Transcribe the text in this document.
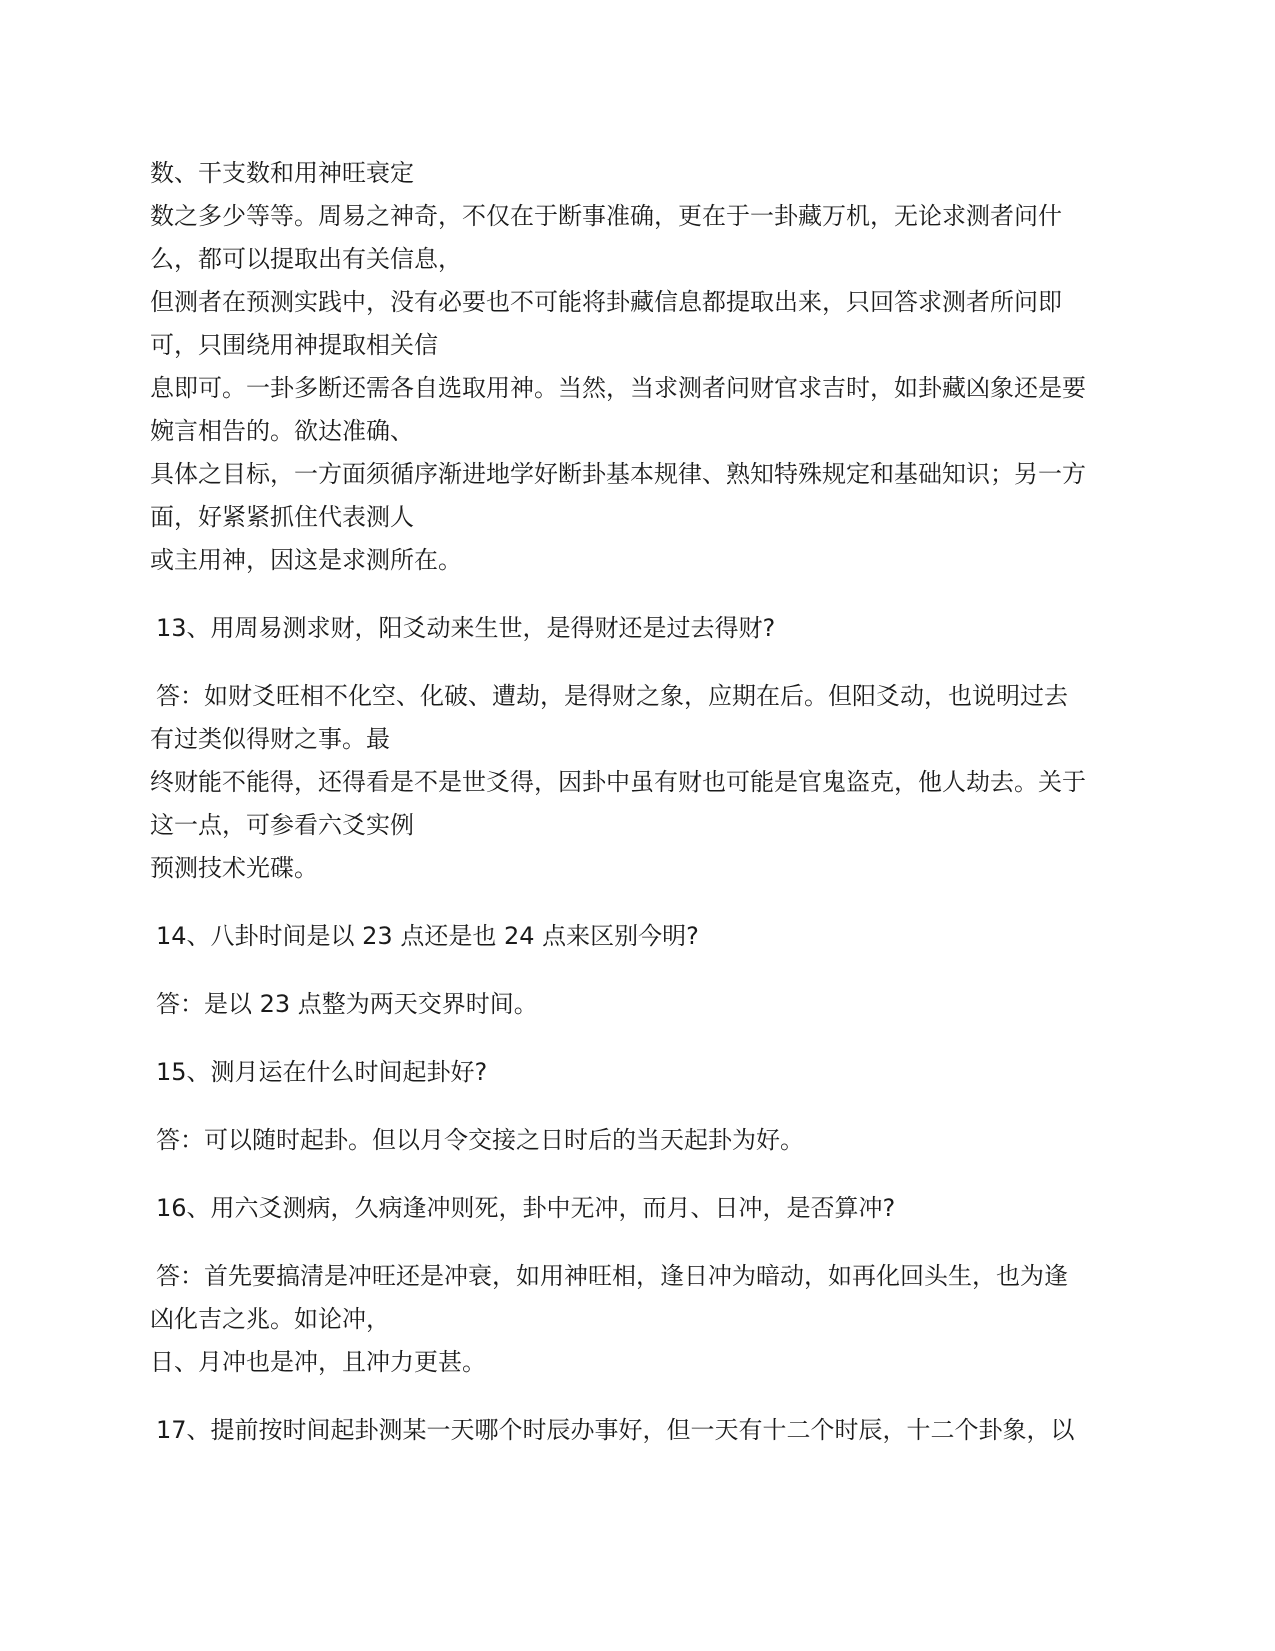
数、干支数和用神旺衰定
数之多少等等。周易之神奇，不仅在于断事准确，更在于一卦藏万机，无论求测者问什
么，都可以提取出有关信息，
但测者在预测实践中，没有必要也不可能将卦藏信息都提取出来，只回答求测者所问即
可，只围绕用神提取相关信
息即可。一卦多断还需各自选取用神。当然，当求测者问财官求吉时，如卦藏凶象还是要
婉言相告的。欲达准确、
具体之目标，一方面须循序渐进地学好断卦基本规律、熟知特殊规定和基础知识；另一方
面，好紧紧抓住代表测人
或主用神，因这是求测所在。
13、用周易测求财，阳爻动来生世，是得财还是过去得财?
答：如财爻旺相不化空、化破、遭劫，是得财之象，应期在后。但阳爻动，也说明过去
有过类似得财之事。最
终财能不能得，还得看是不是世爻得，因卦中虽有财也可能是官鬼盗克，他人劫去。关于
这一点，可参看六爻实例
预测技术光碟。
14、八卦时间是以 23 点还是也 24 点来区别今明?
答：是以 23 点整为两天交界时间。
15、测月运在什么时间起卦好?
答：可以随时起卦。但以月令交接之日时后的当天起卦为好。
16、用六爻测病，久病逢冲则死，卦中无冲，而月、日冲，是否算冲?
答：首先要搞清是冲旺还是冲衰，如用神旺相，逢日冲为暗动，如再化回头生，也为逢
凶化吉之兆。如论冲，
日、月冲也是冲，且冲力更甚。
17、提前按时间起卦测某一天哪个时辰办事好，但一天有十二个时辰，十二个卦象，以
